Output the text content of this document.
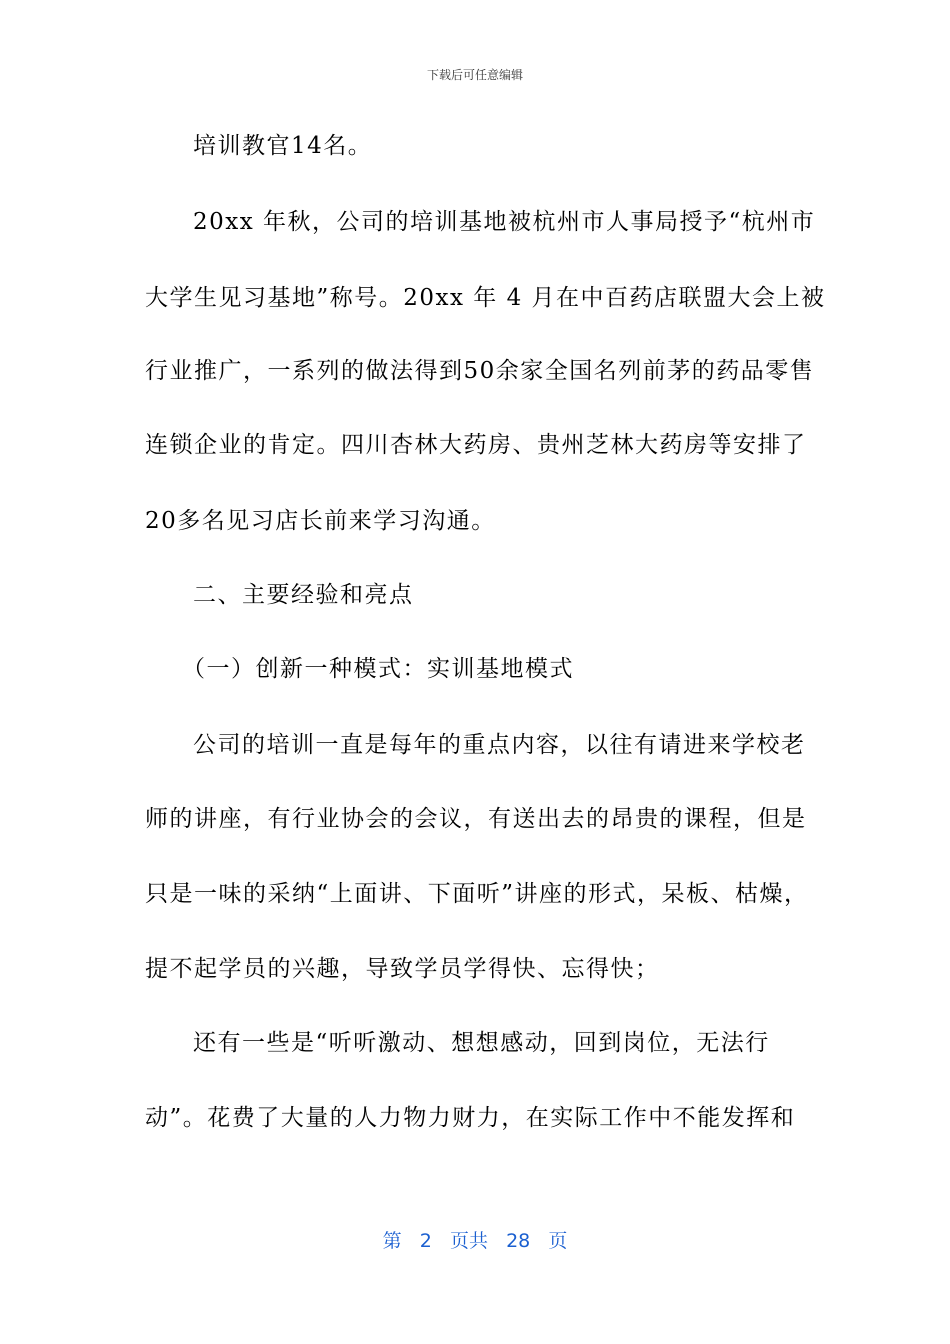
下载后可任意编辑
培训教官14名。
20xx 年秋，公司的培训基地被杭州市人事局授予“杭州市
大学生见习基地”称号。20xx 年 4 月在中百药店联盟大会上被
行业推广，一系列的做法得到50余家全国名列前茅的药品零售
连锁企业的肯定。四川杏林大药房、贵州芝林大药房等安排了
20多名见习店长前来学习沟通。
二、主要经验和亮点
（一）创新一种模式：实训基地模式
公司的培训一直是每年的重点内容，以往有请进来学校老
师的讲座，有行业协会的会议，有送出去的昂贵的课程，但是
只是一味的采纳“上面讲、下面听”讲座的形式，呆板、枯燥，
提不起学员的兴趣，导致学员学得快、忘得快；
还有一些是“听听激动、想想感动，回到岗位，无法行
动”。花费了大量的人力物力财力，在实际工作中不能发挥和
第 2 页共 28 页
